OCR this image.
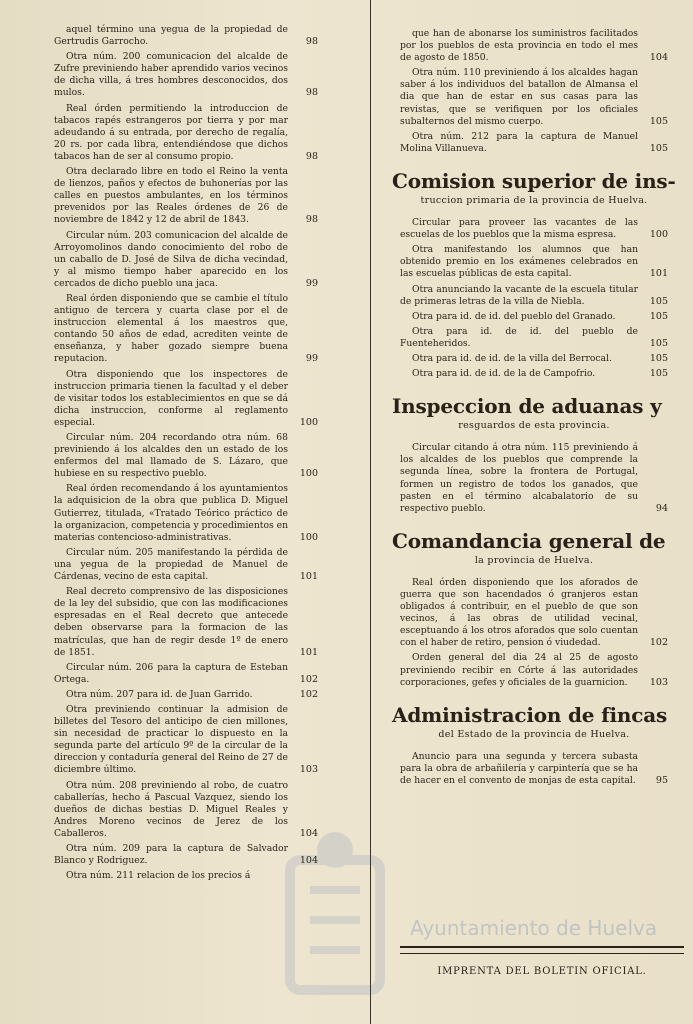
Ayuntamiento de Huelva

aquel término una yegua de la propiedad de Gertrudis Garrocho.	98

Otra núm. 200 comunicacion del alcalde de Zufre previniendo haber aprendido varios vecinos de dicha villa, á tres hombres desconocidos, dos mulos.	98

Real órden permitiendo la introduccion de tabacos rapés estrangeros por tierra y por mar adeudando á su entrada, por derecho de regalía, 20 rs. por cada libra, entendiéndose que dichos tabacos han de ser al consumo propio.	98

Otra declarado libre en todo el Reino la venta de lienzos, paños y efectos de buhonerías por las calles en puestos ambulantes, en los términos prevenidos por las Reales órdenes de 26 de noviembre de 1842 y 12 de abril de 1843.	98

Circular núm. 203 comunicacion del alcalde de Arroyomolinos dando conocimiento del robo de un caballo de D. José de Silva de dicha vecindad, y al mismo tiempo haber aparecido en los cercados de dicho pueblo una jaca.	99

Real órden disponiendo que se cambie el título antiguo de tercera y cuarta clase por el de instruccion elemental á los maestros que, contando 50 años de edad, acrediten veinte de enseñanza, y haber gozado siempre buena reputacion.	99

Otra disponiendo que los inspectores de instruccion primaria tienen la facultad y el deber de visitar todos los establecimientos en que se dá dicha instruccion, conforme al reglamento especial.	100

Circular núm. 204 recordando otra núm. 68 previniendo á los alcaldes den un estado de los enfermos del mal llamado de S. Lázaro, que hubiese en su respectivo pueblo.	100

Real órden recomendando á los ayuntamientos la adquisicion de la obra que publica D. Miguel Gutierrez, titulada, «Tratado Teórico práctico de la organizacion, competencia y procedimientos en materias contencioso-administrativas.	100

Circular núm. 205 manifestando la pérdida de una yegua de la propiedad de Manuel de Cárdenas, vecino de esta capital.	101

Real decreto comprensivo de las disposiciones de la ley del subsidio, que con las modificaciones espresadas en el Real decreto que antecede deben observarse para la formacion de las matrículas, que han de regir desde 1º de enero de 1851.	101

Circular núm. 206 para la captura de Esteban Ortega.	102

Otra núm. 207 para id. de Juan Garrido.	102

Otra previniendo continuar la admision de billetes del Tesoro del anticipo de cien millones, sin necesidad de practicar lo dispuesto en la segunda parte del artículo 9º de la circular de la direccion y contaduría general del Reino de 27 de diciembre último.	103

Otra núm. 208 previniendo al robo, de cuatro caballerías, hecho á Pascual Vazquez, siendo los dueños de dichas bestias D. Miguel Reales y Andres Moreno vecinos de Jerez de los Caballeros.	104

Otra núm. 209 para la captura de Salvador Blanco y Rodriguez.	104

Otra núm. 211 relacion de los precios á

que han de abonarse los suministros facilitados por los pueblos de esta provincia en todo el mes de agosto de 1850.	104

Otra núm. 110 previniendo á los alcaldes hagan saber á los individuos del batallon de Almansa el dia que han de estar en sus casas para las revistas, que se verifiquen por los oficiales subalternos del mismo cuerpo.	105

Otra núm. 212 para la captura de Manuel Molina Villanueva.	105

Comision superior de ins-
truccion primaria de la provincia de Huelva.

Circular para proveer las vacantes de las escuelas de los pueblos que la misma espresa.	100

Otra manifestando los alumnos que han obtenido premio en los exámenes celebrados en las escuelas públicas de esta capital.	101

Otra anunciando la vacante de la escuela titular de primeras letras de la villa de Niebla.	105

Otra para id. de id. del pueblo del Granado.	105

Otra para id. de id. del pueblo de Fuenteheridos.	105

Otra para id. de id. de la villa del Berrocal.	105

Otra para id. de id. de la de Campofrio.	105

Inspeccion de aduanas y
resguardos de esta provincia.

Circular citando á otra núm. 115 previniendo á los alcaldes de los pueblos que comprende la segunda línea, sobre la frontera de Portugal, formen un registro de todos los ganados, que pasten en el término alcabalatorio de su respectivo pueblo.	94

Comandancia general de
la provincia de Huelva.

Real órden disponiendo que los aforados de guerra que son hacendados ó granjeros estan obligados á contribuir, en el pueblo de que son vecinos, á las obras de utilidad vecinal, esceptuando á los otros aforados que solo cuentan con el haber de retiro, pension ó viudedad.	102

Orden general del dia 24 al 25 de agosto previniendo recibir en Córte á las autoridades corporaciones, gefes y oficiales de la guarnicion.	103

Administracion de fincas
del Estado de la provincia de Huelva.

Anuncio para una segunda y tercera subasta para la obra de arbañilería y carpintería que se ha de hacer en el convento de monjas de esta capital.	95

IMPRENTA DEL BOLETIN OFICIAL.
